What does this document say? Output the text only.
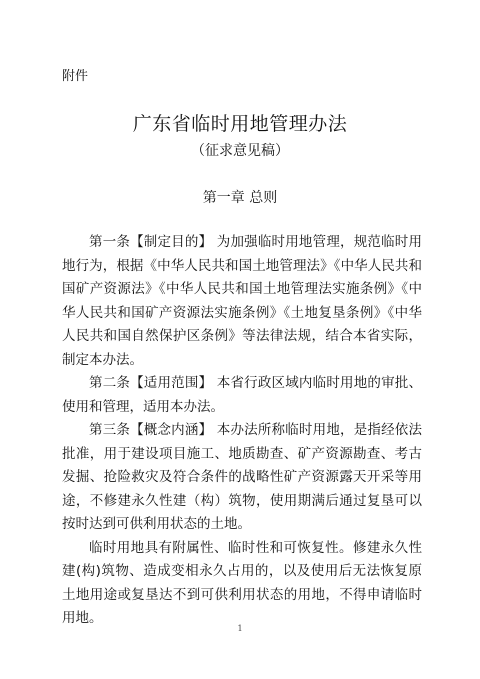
附件
广东省临时用地管理办法
（征求意见稿）
第一章 总则

第一条【制定目的】 为加强临时用地管理，规范临时用地行为，根据《中华人民共和国土地管理法》《中华人民共和国矿产资源法》《中华人民共和国土地管理法实施条例》《中华人民共和国矿产资源法实施条例》《土地复垦条例》《中华人民共和国自然保护区条例》等法律法规，结合本省实际，制定本办法。

第二条【适用范围】 本省行政区域内临时用地的审批、使用和管理，适用本办法。

第三条【概念内涵】 本办法所称临时用地，是指经依法批准，用于建设项目施工、地质勘查、矿产资源勘查、考古发掘、抢险救灾及符合条件的战略性矿产资源露天开采等用途，不修建永久性建（构）筑物，使用期满后通过复垦可以按时达到可供利用状态的土地。

临时用地具有附属性、临时性和可恢复性。修建永久性建(构)筑物、造成变相永久占用的，以及使用后无法恢复原土地用途或复垦达不到可供利用状态的用地，不得申请临时用地。

1
